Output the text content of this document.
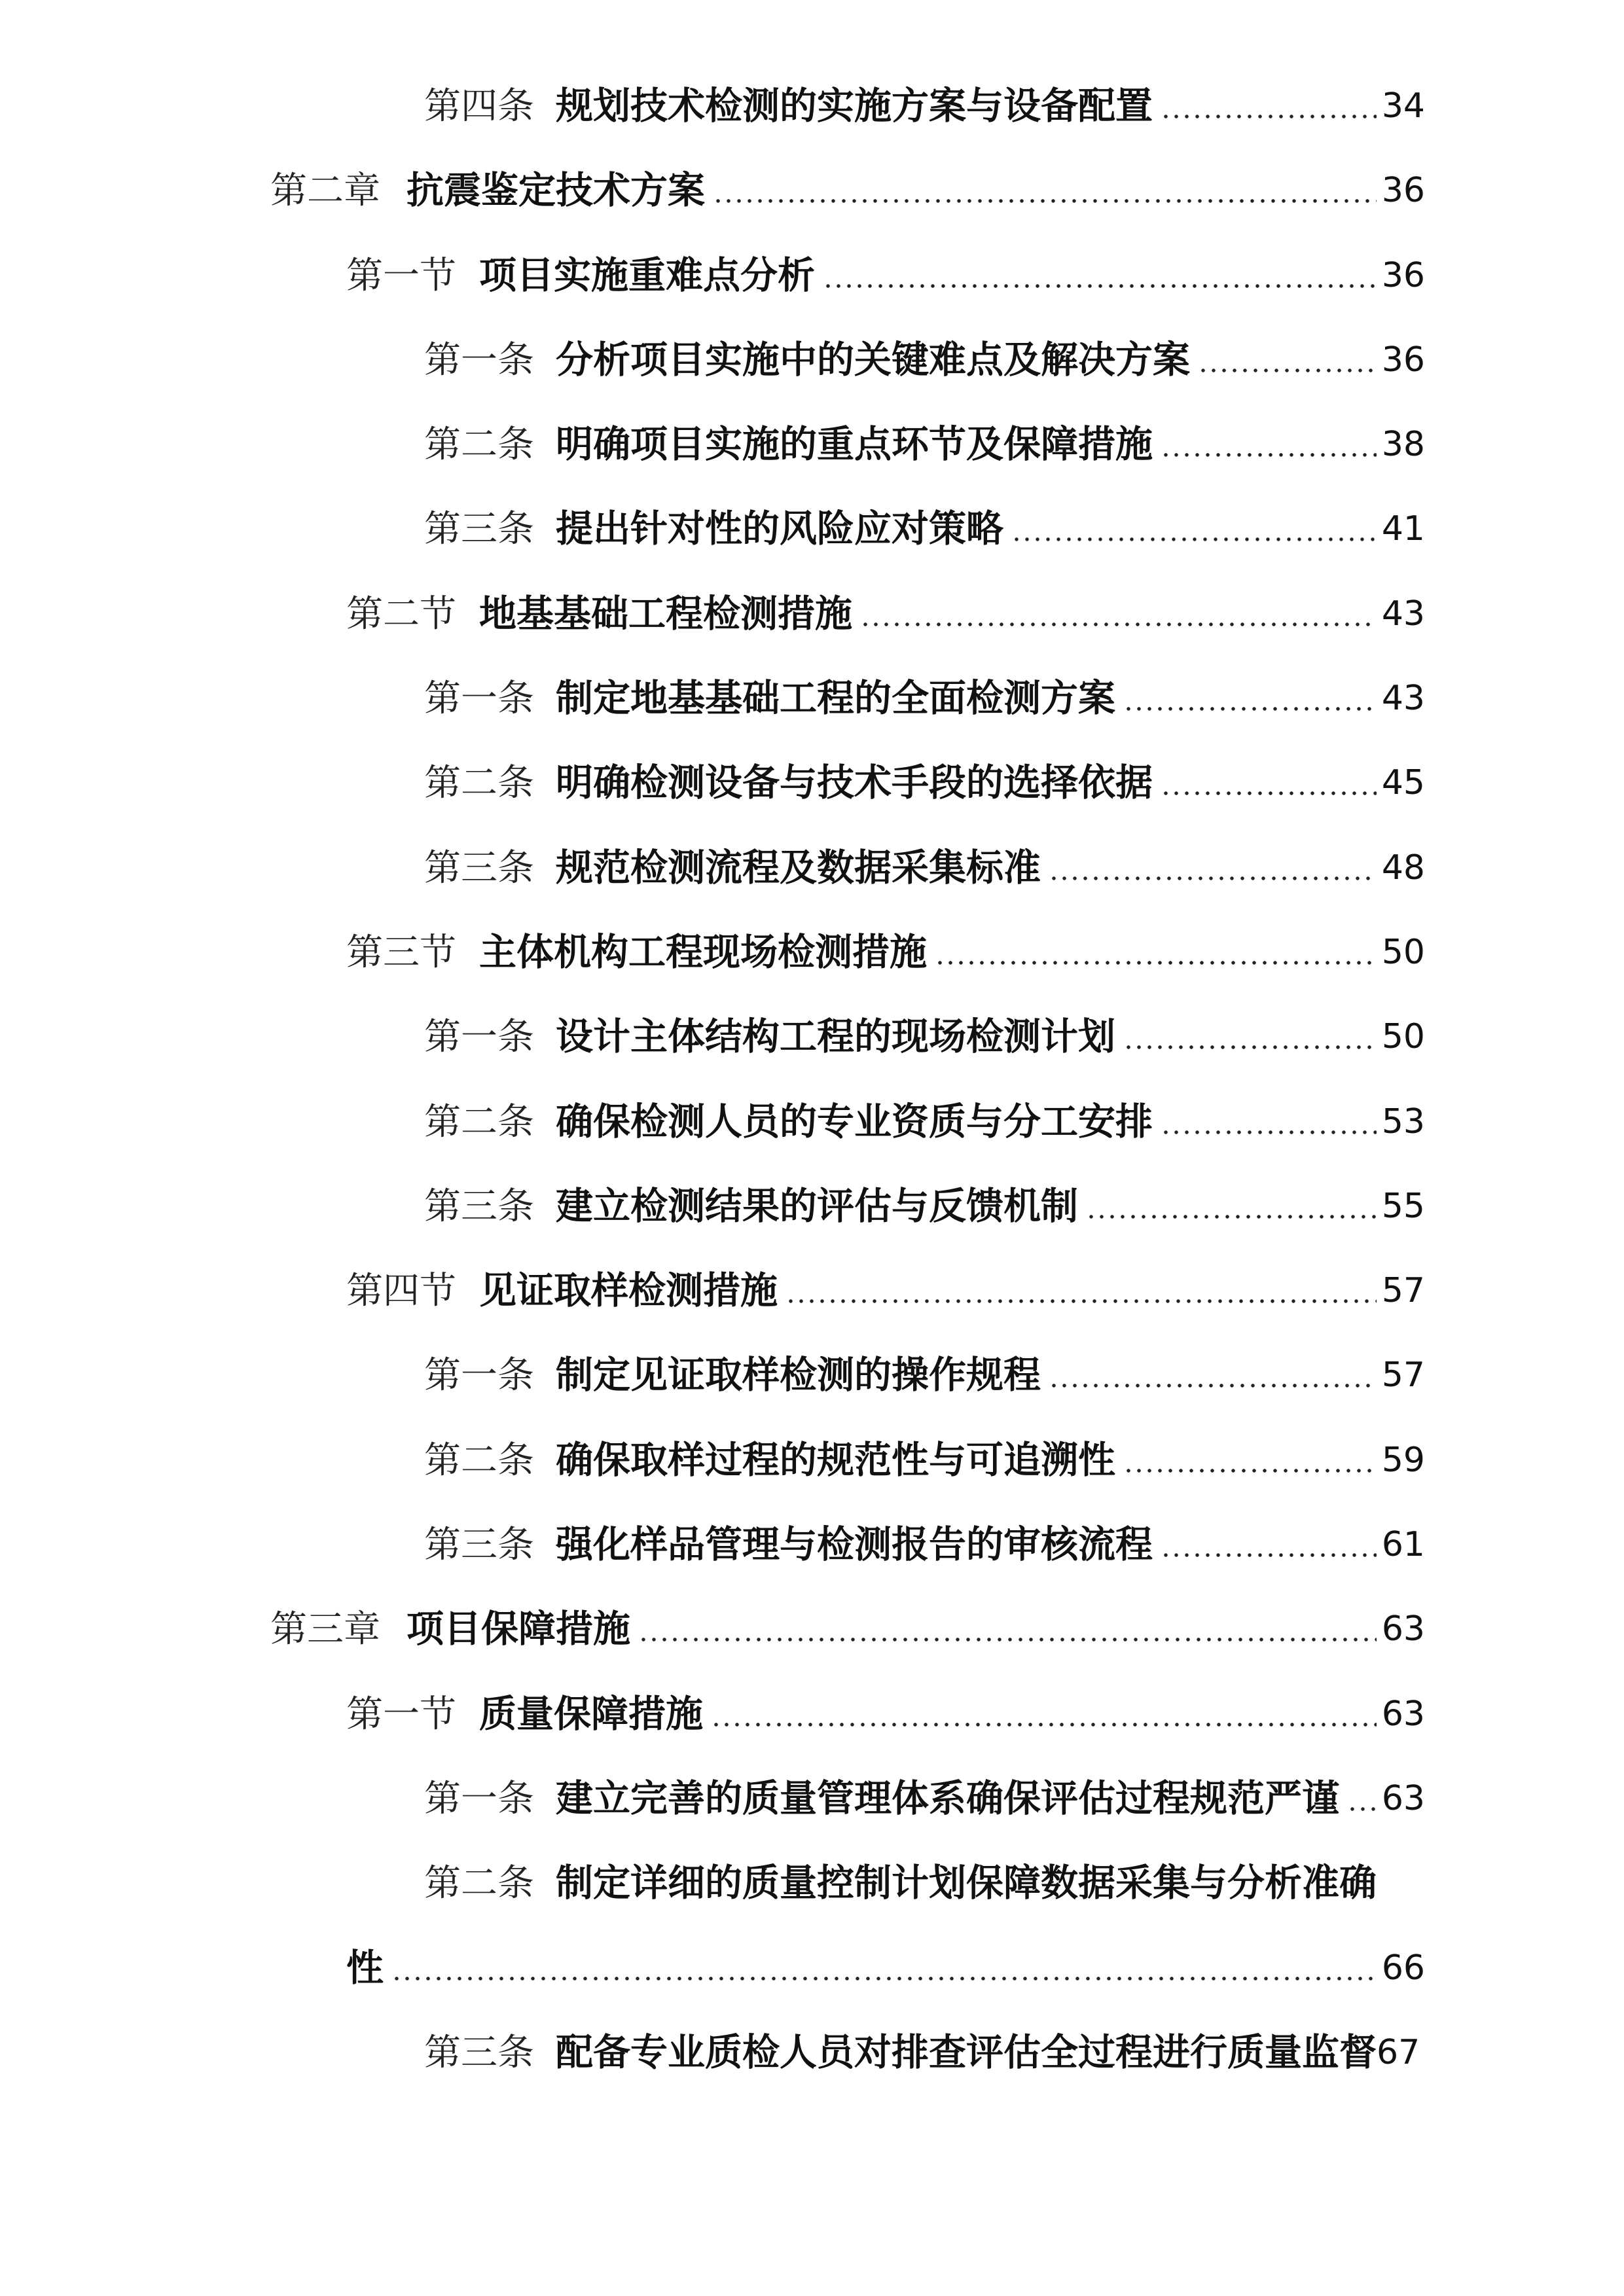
第四条 规划技术检测的实施方案与设备配置	34
第二章 抗震鉴定技术方案	36
第一节 项目实施重难点分析	36
第一条 分析项目实施中的关键难点及解决方案	36
第二条 明确项目实施的重点环节及保障措施	38
第三条 提出针对性的风险应对策略	41
第二节 地基基础工程检测措施	43
第一条 制定地基基础工程的全面检测方案	43
第二条 明确检测设备与技术手段的选择依据	45
第三条 规范检测流程及数据采集标准	48
第三节 主体机构工程现场检测措施	50
第一条 设计主体结构工程的现场检测计划	50
第二条 确保检测人员的专业资质与分工安排	53
第三条 建立检测结果的评估与反馈机制	55
第四节 见证取样检测措施	57
第一条 制定见证取样检测的操作规程	57
第二条 确保取样过程的规范性与可追溯性	59
第三条 强化样品管理与检测报告的审核流程	61
第三章 项目保障措施	63
第一节 质量保障措施	63
第一条 建立完善的质量管理体系确保评估过程规范严谨 63
第二条 制定详细的质量控制计划保障数据采集与分析准确
性	66
第三条 配备专业质检人员对排查评估全过程进行质量监督 67
